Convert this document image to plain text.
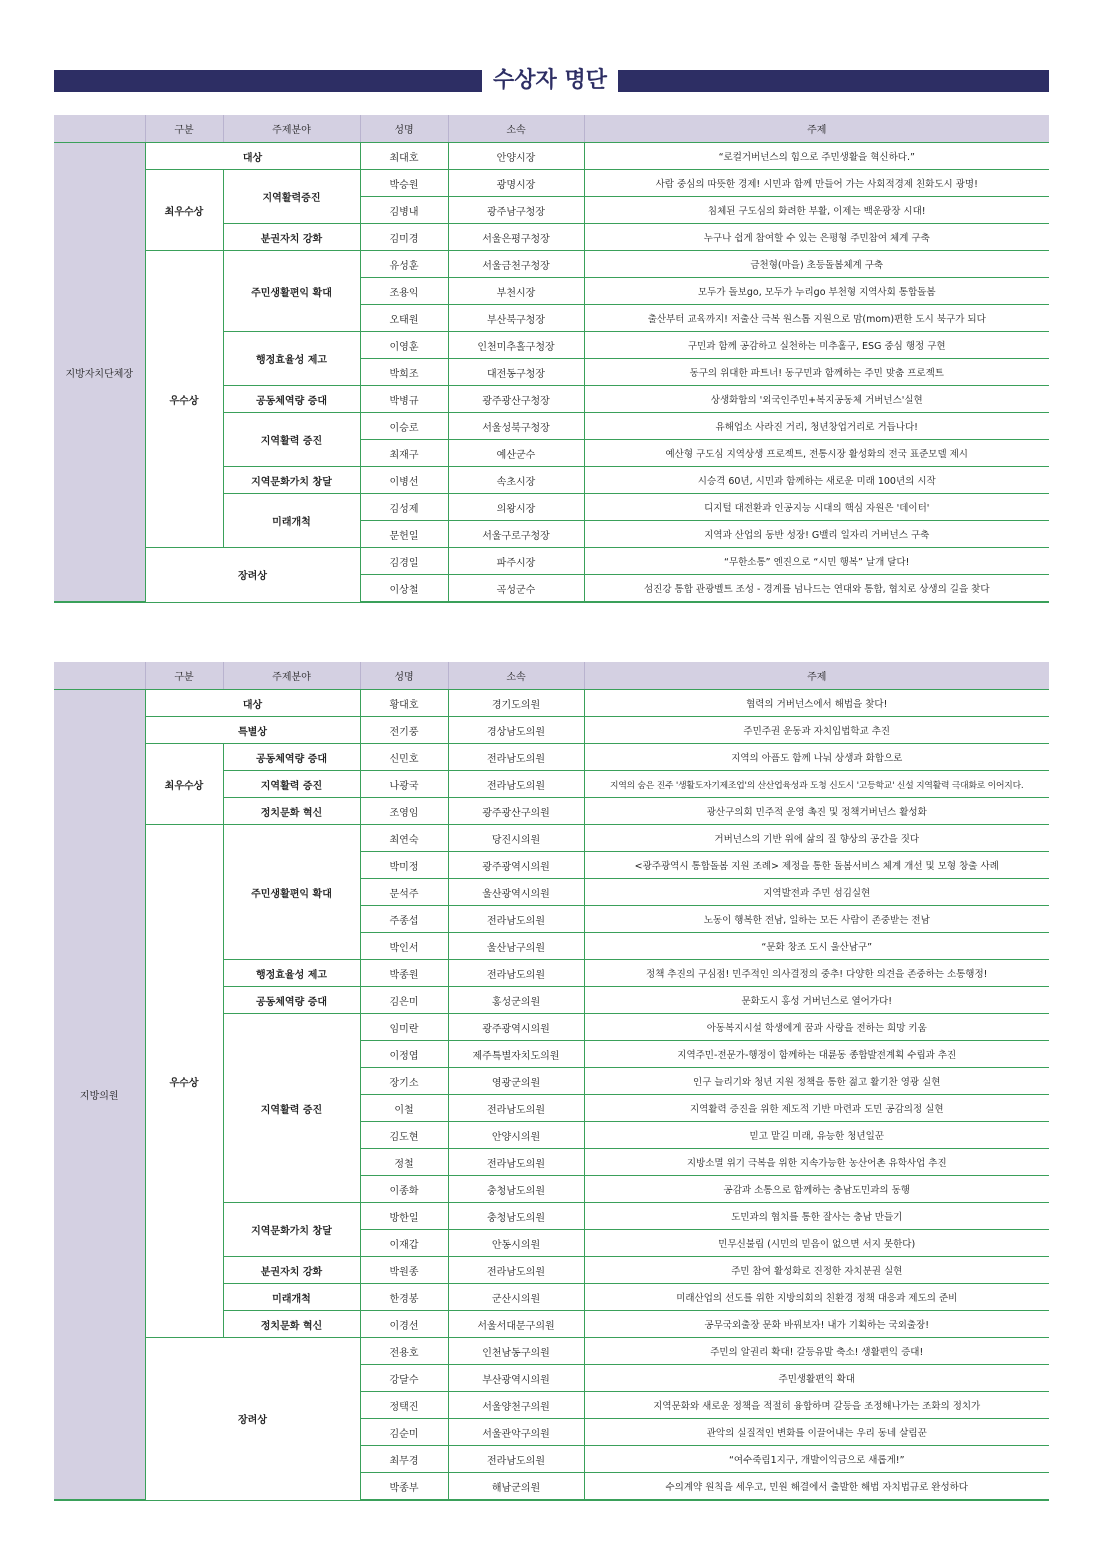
수상자 명단
	구분	주제분야	성명	소속	주제
지방자치단체장	대상		최대호	안양시장	“로컬거버넌스의 힘으로 주민생활을 혁신하다.”
	최우수상	지역활력증진	박승원	광명시장	사람 중심의 따뜻한 경제! 시민과 함께 만들어 가는 사회적경제 친화도시 광명!
			김병내	광주남구청장	침체된 구도심의 화려한 부활, 이제는 백운광장 시대!
		분권자치 강화	김미경	서울은평구청장	누구나 쉽게 참여할 수 있는 은평형 주민참여 체계 구축
	우수상	주민생활편익 확대	유성훈	서울금천구청장	금천형(마을) 초등돌봄체계 구축
			조용익	부천시장	모두가 돌보go, 모두가 누리go 부천형 지역사회 통합돌봄
			오태원	부산북구청장	출산부터 교육까지! 저출산 극복 원스톱 지원으로 맘(mom)편한 도시 북구가 되다
		행정효율성 제고	이영훈	인천미추홀구청장	구민과 함께 공감하고 실천하는 미추홀구, ESG 중심 행정 구현
			박희조	대전동구청장	동구의 위대한 파트너! 동구민과 함께하는 주민 맞춤 프로젝트
		공동체역량 증대	박병규	광주광산구청장	상생화합의 '외국인주민+복지공동체 거버넌스'실현
		지역활력 증진	이승로	서울성북구청장	유해업소 사라진 거리, 청년창업거리로 거듭나다!
			최재구	예산군수	예산형 구도심 지역상생 프로젝트, 전통시장 활성화의 전국 표준모델 제시
		지역문화가치 창달	이병선	속초시장	시승격 60년, 시민과 함께하는 새로운 미래 100년의 시작
		미래개척	김성제	의왕시장	디지털 대전환과 인공지능 시대의 핵심 자원은 '데이터'
			문헌일	서울구로구청장	지역과 산업의 동반 성장! G밸리 일자리 거버넌스 구축
	장려상		김경일	파주시장	“무한소통” 엔진으로 “시민 행복” 날개 달다!
			이상철	곡성군수	섬진강 통합 관광벨트 조성 - 경계를 넘나드는 연대와 통합, 협치로 상생의 길을 찾다
	구분	주제분야	성명	소속	주제
지방의원	대상		황대호	경기도의원	협력의 거버넌스에서 해법을 찾다!
	특별상		전기풍	경상남도의원	주민주권 운동과 자치입법학교 추진
	최우수상	공동체역량 증대	신민호	전라남도의원	지역의 아픔도 함께 나눠 상생과 화합으로
		지역활력 증진	나광국	전라남도의원	지역의 숨은 진주 '생활도자기제조업'의 산산업육성과 도청 신도시 '고등학교' 신설 지역활력 극대화로 이어지다.
		정치문화 혁신	조영임	광주광산구의원	광산구의회 민주적 운영 촉진 및 정책거버넌스 활성화
	우수상	주민생활편익 확대	최연숙	당진시의원	거버넌스의 기반 위에 삶의 질 향상의 공간을 짓다
			박미정	광주광역시의원	<광주광역시 통합돌봄 지원 조례> 제정을 통한 돌봄서비스 체계 개선 및 모형 창출 사례
			문석주	울산광역시의원	지역발전과 주민 섬김실현
			주종섭	전라남도의원	노동이 행복한 전남, 일하는 모든 사람이 존중받는 전남
			박인서	울산남구의원	“문화 창조 도시 울산남구”
		행정효율성 제고	박종원	전라남도의원	정책 추진의 구심점! 민주적인 의사결정의 중추! 다양한 의견을 존중하는 소통행정!
		공동체역량 증대	김은미	홍성군의원	문화도시 홍성 거버넌스로 열어가다!
		지역활력 증진	임미란	광주광역시의원	아동복지시설 학생에게 꿈과 사랑을 전하는 희망 키움
			이정엽	제주특별자치도의원	지역주민-전문가-행정이 함께하는 대륜동 종합발전계획 수립과 추진
			장기소	영광군의원	인구 늘리기와 청년 지원 정책을 통한 젊고 활기찬 영광 실현
			이철	전라남도의원	지역활력 증진을 위한 제도적 기반 마련과 도민 공감의정 실현
			김도현	안양시의원	믿고 맡길 미래, 유능한 청년일꾼
			정철	전라남도의원	지방소멸 위기 극복을 위한 지속가능한 농산어촌 유학사업 추진
			이종화	충청남도의원	공감과 소통으로 함께하는 충남도민과의 동행
		지역문화가치 창달	방한일	충청남도의원	도민과의 협치를 통한 잘사는 충남 만들기
			이재갑	안동시의원	민무신불립 (시민의 믿음이 없으면 서지 못한다)
		분권자치 강화	박원종	전라남도의원	주민 참여 활성화로 진정한 자치분권 실현
		미래개척	한경봉	군산시의원	미래산업의 선도를 위한 지방의회의 친환경 정책 대응과 제도의 준비
		정치문화 혁신	이경선	서울서대문구의원	공무국외출장 문화 바꿔보자! 내가 기획하는 국외출장!
	장려상		전용호	인천남동구의원	주민의 알권리 확대! 갈등유발 축소! 생활편익 증대!
			강달수	부산광역시의원	주민생활편익 확대
			정택진	서울양천구의원	지역문화와 새로운 정책을 적절히 융합하며 갈등을 조정해나가는 조화의 정치가
			김순미	서울관악구의원	관악의 실질적인 변화를 이끌어내는 우리 동네 살림꾼
			최무경	전라남도의원	“여수죽림1지구, 개발이익금으로 새롭게!”
			박종부	해남군의원	수의계약 원칙을 세우고, 민원 해결에서 출발한 해법 자치법규로 완성하다
